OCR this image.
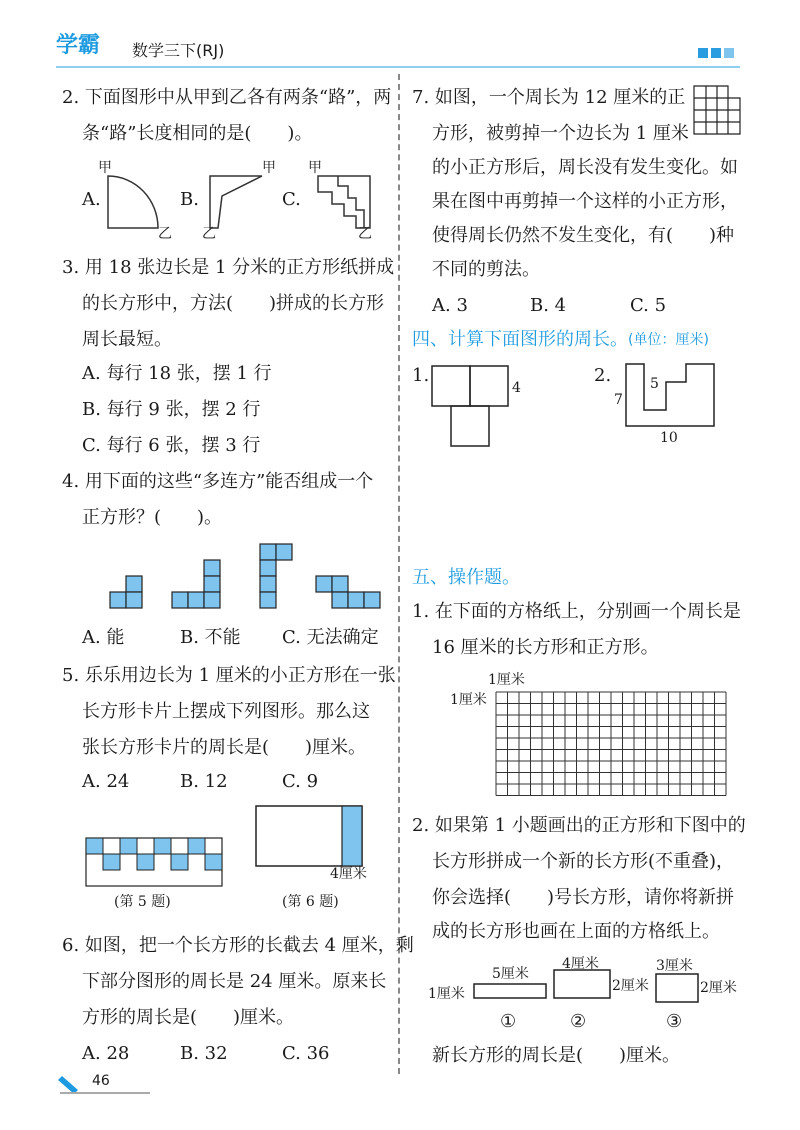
学霸 数学三下(RJ)
2. 下面图形中从甲到乙各有两条“路”，两
条“路”长度相同的是(　　)。
A.	B.	C.
甲
乙
甲
乙
甲
乙
3. 用 18 张边长是 1 分米的正方形纸拼成
的长方形中，方法(　　)拼成的长方形
周长最短。
A. 每行 18 张，摆 1 行
B. 每行 9 张，摆 2 行
C. 每行 6 张，摆 3 行
4. 用下面的这些“多连方”能否组成一个
正方形？(　　)。
A. 能	B. 不能 C. 无法确定
5. 乐乐用边长为 1 厘米的小正方形在一张
长方形卡片上摆成下列图形。那么这
张长方形卡片的周长是(　　)厘米。
A. 24	B. 12	C. 9
4厘米
(第 5 题)	(第 6 题)
6. 如图，把一个长方形的长截去 4 厘米，剩
下部分图形的周长是 24 厘米。原来长
方形的周长是(　　)厘米。
A. 28	B. 32	C. 36
46
7. 如图，一个周长为 12 厘米的正
方形，被剪掉一个边长为 1 厘米
的小正方形后，周长没有发生变化。如
果在图中再剪掉一个这样的小正方形，
使得周长仍然不发生变化，有(　　)种
不同的剪法。
A. 3	B. 4	C. 5
四、计算下面图形的周长。 (单位：厘米)
1.
4
2.	5
7
10
五、操作题。
1. 在下面的方格纸上，分别画一个周长是
16 厘米的长方形和正方形。
1厘米
1厘米
2. 如果第 1 小题画出的正方形和下图中的
长方形拼成一个新的长方形(不重叠)，
你会选择(　　)号长方形，请你将新拼
成的长方形也画在上面的方格纸上。
5厘米
1厘米
4厘米
2厘米
3厘米
2厘米
①	②	③
新长方形的周长是(　　)厘米。
